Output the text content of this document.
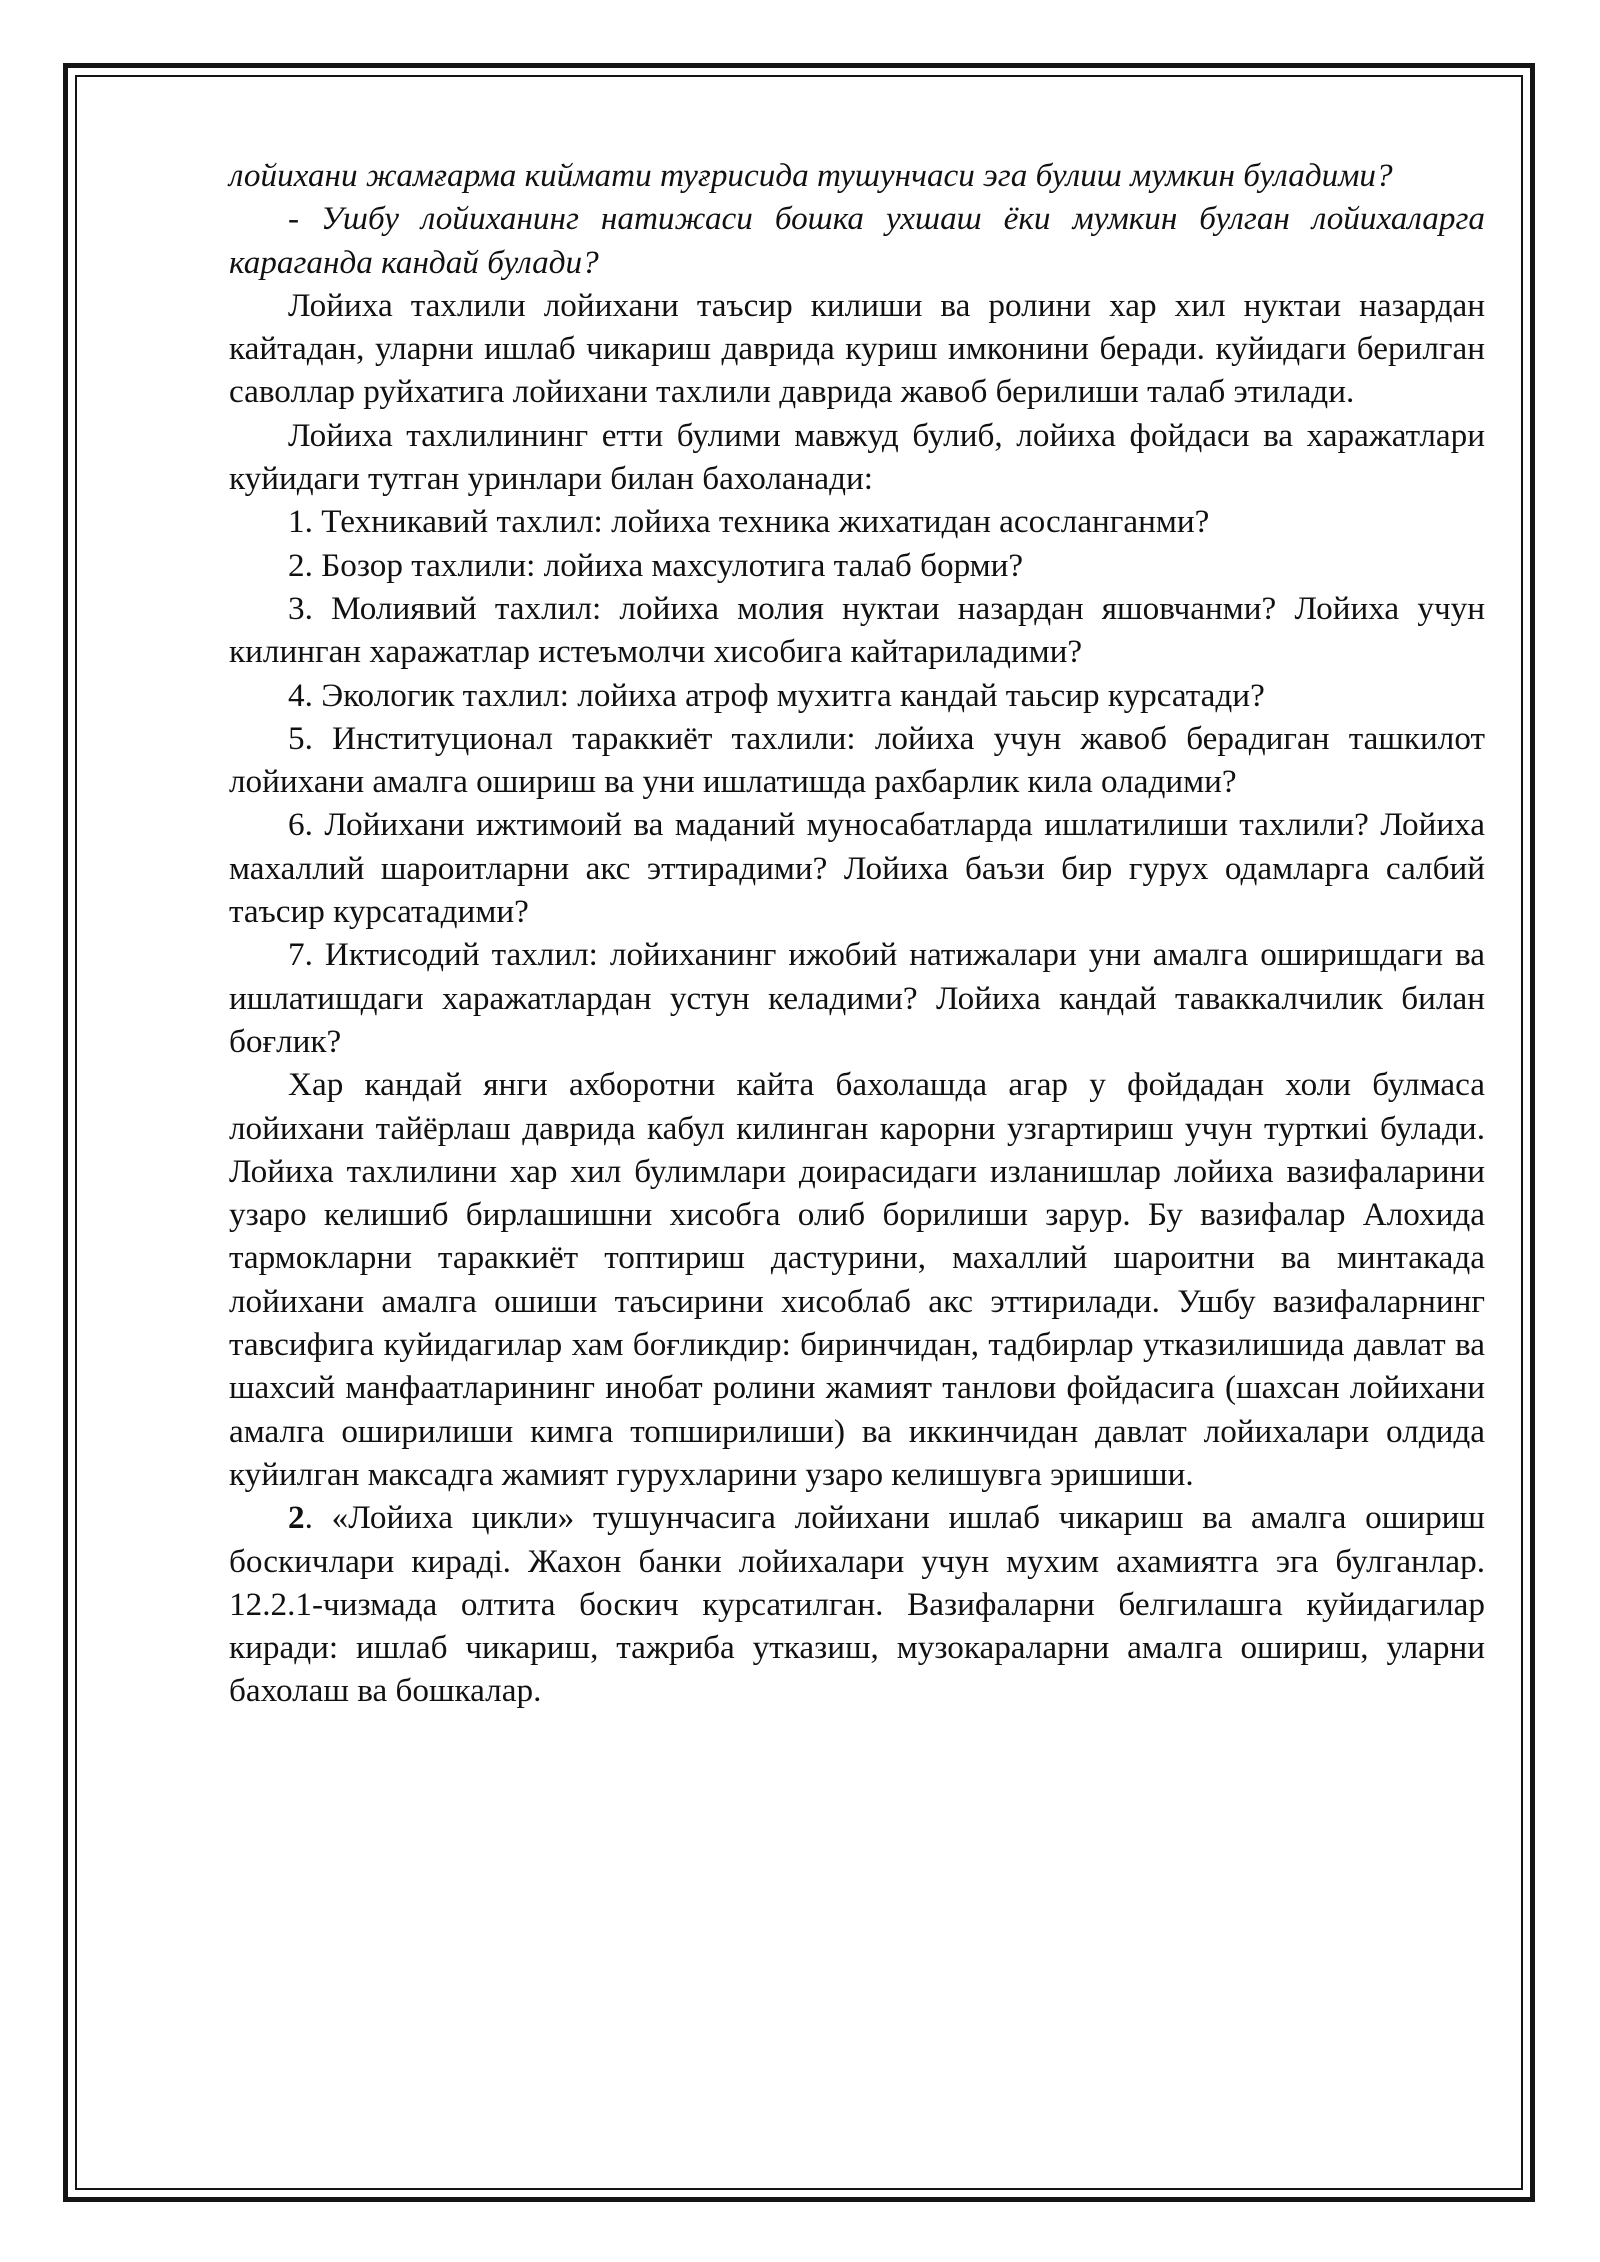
лойихани жамғарма киймати туғрисида тушунчаси эга булиш мумкин буладими?

- Ушбу лойиханинг натижаси бошка ухшаш ёки мумкин булган лойихаларга караганда кандай булади?

Лойиха тахлили лойихани таъсир килиши ва ролини хар хил нуктаи назардан кайтадан, уларни ишлаб чикариш даврида куриш имконини беради. куйидаги берилган саволлар руйхатига лойихани тахлили даврида жавоб берилиши талаб этилади.

Лойиха тахлилининг етти булими мавжуд булиб, лойиха фойдаси ва харажатлари куйидаги тутган уринлари билан бахоланади:

1. Техникавий тахлил: лойиха техника жихатидан асосланганми?

2. Бозор тахлили: лойиха махсулотига талаб борми?

3. Молиявий тахлил: лойиха молия нуктаи назардан яшовчанми? Лойиха учун килинган харажатлар истеъмолчи хисобига кайтариладими?

4. Экологик тахлил: лойиха атроф мухитга кандай таьсир курсатади?

5. Институционал тараккиёт тахлили: лойиха учун жавоб берадиган ташкилот лойихани амалга ошириш ва уни ишлатишда рахбарлик кила оладими?

6. Лойихани ижтимоий ва маданий муносабатларда ишлатилиши тахлили? Лойиха махаллий шароитларни акс эттирадими? Лойиха баъзи бир гурух одамларга салбий таъсир курсатадими?

7. Иктисодий тахлил: лойиханинг ижобий натижалари уни амалга оширишдаги ва ишлатишдаги харажатлардан устун келадими? Лойиха кандай таваккалчилик билан боғлик?

Хар кандай янги ахборотни кайта бахолашда агар у фойдадан холи булмаса лойихани тайёрлаш даврида кабул килинган карорни узгартириш учун турткиi булади. Лойиха тахлилини хар хил булимлари доирасидаги изланишлар лойиха вазифаларини узаро келишиб бирлашишни хисобга олиб борилиши зарур. Бу вазифалар Алохида тармокларни тараккиёт топтириш дастурини, махаллий шароитни ва минтакада лойихани амалга ошиши таъсирини хисоблаб акс эттирилади. Ушбу вазифаларнинг тавсифига куйидагилар хам боғликдир: биринчидан, тадбирлар утказилишида давлат ва шахсий манфаатларининг инобат ролини жамият танлови фойдасига (шахсан лойихани амалга оширилиши кимга топширилиши) ва иккинчидан давлат лойихалари олдида куйилган максадга жамият гурухларини узаро келишувга эришиши.

2. «Лойиха цикли» тушунчасига лойихани ишлаб чикариш ва амалга ошириш боскичлари кирадi. Жахон банки лойихалари учун мухим ахамиятга эга булганлар. 12.2.1-чизмада олтита боскич курсатилган. Вазифаларни белгилашга куйидагилар киради: ишлаб чикариш, тажриба утказиш, музокараларни амалга ошириш, уларни бахолаш ва бошкалар.
